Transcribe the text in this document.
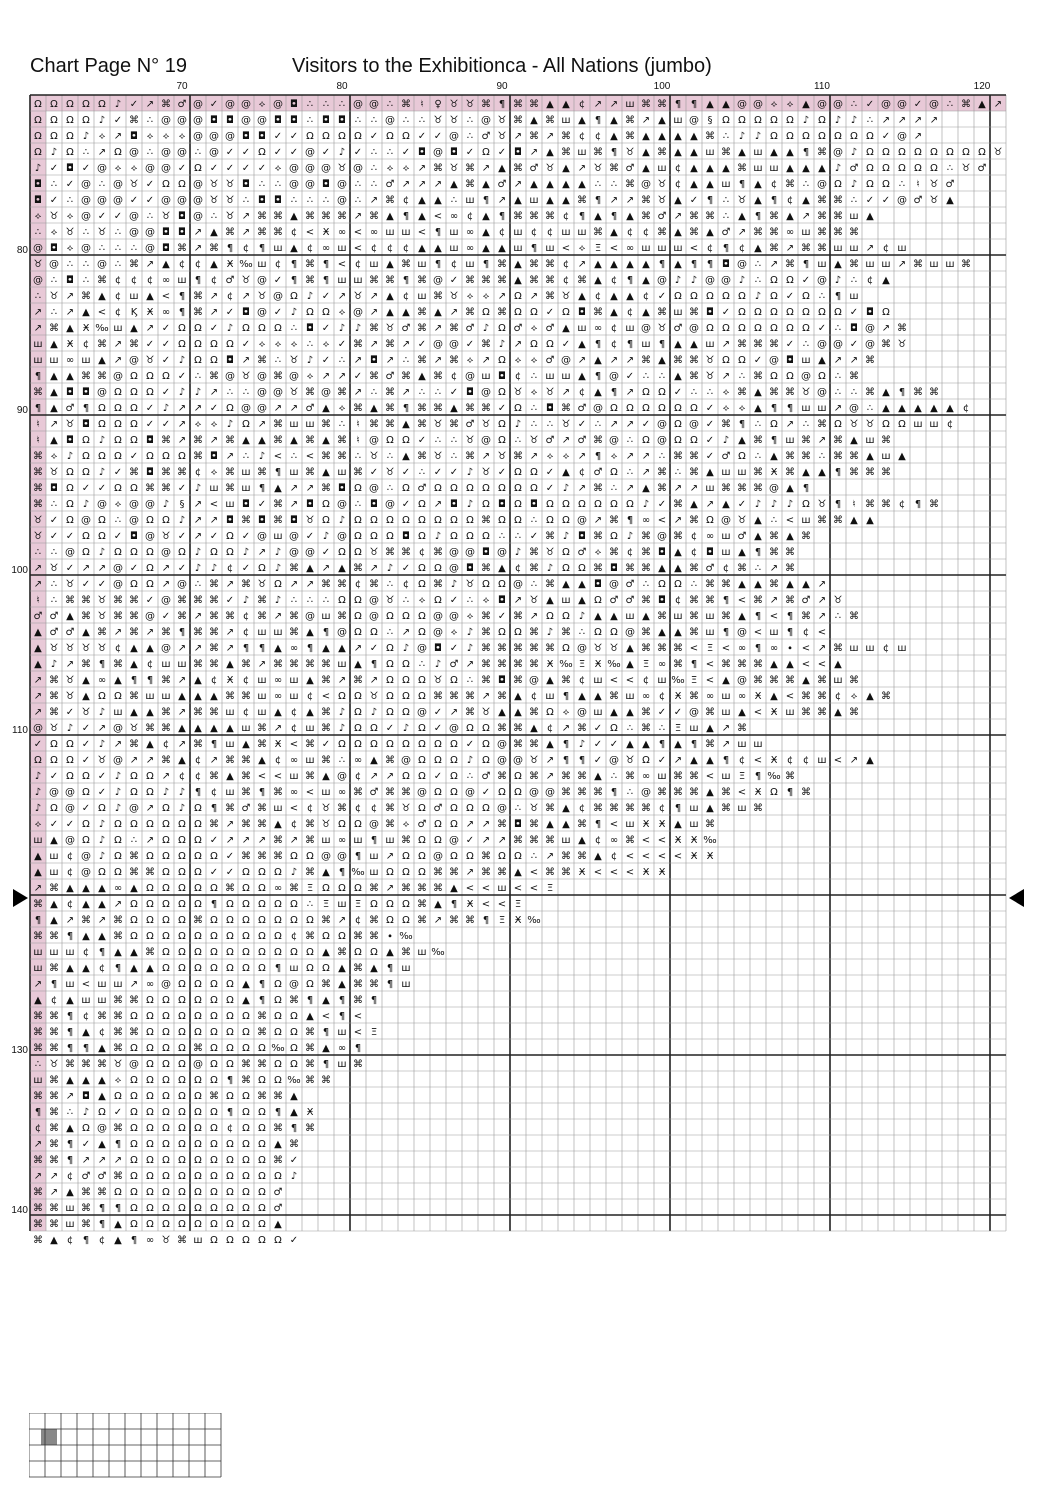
Chart Page N° 19	Visitors to the Exhibitionca - All Nations (jumbo)
70	80	90	100	110	120
80
90
100
110
130
140
Ω Ω Ω Ω Ω ♪ ✓ ↗ ⌘ ♂ @ ✓ @ @ ⟡ @ ◘ ∴ ∴ ∴ @ @ ∴ ⌘ ♮ ♀ ♉ ♉ ⌘ ¶ ⌘ ⌘ ▲ ▲ ¢ ↗ ↗ ш ⌘ ⌘ ¶ ¶ ▲ ▲ @ @ ⟡ ⟡ ▲ @ @ ∴ ✓ @ @ ✓ @ ∴ ⌘ ▲ ↗
Ω Ω Ω Ω ♪ ✓ ⌘ ∴ @ @ @ ◘ ◘ @ @ ◘ ◘ ∴ ◘ ◘ ∴ ∴ @ ∴ ∴ ♉ ♉ ∴ @ ♉ ⌘ ▲ ⌘ ш ▲ ¶ ▲ ⌘ ↗ ▲ ш @ § Ω Ω Ω Ω Ω ♪ Ω ♪ ♪ ∴ ↗ ↗ ↗ ↗
Ω Ω Ω ♪ ⟡ ↗ ◘ ⟡ ⟡ ⟡ @ @ @ ◘ ◘ ✓ ✓ Ω Ω Ω Ω ✓ Ω Ω ✓ ✓ @ ∴ ♂ ♉ ↗ ⌘ ↗ ⌘ ¢ ¢ ▲ ⌘ ▲ ▲ ▲ ▲ ⌘ ∴ ♪ ♪ Ω Ω Ω Ω Ω Ω Ω ✓ @ ↗
Ω ♪ Ω ∴ ↗ Ω @ ∴ @ @ ∴ @ ✓ ✓ Ω ✓ ✓ @ ✓ ♪ ✓ ∴ ∴ ✓ ◘ @ ◘ ✓ Ω ✓ ◘ ↗ ▲ ⌘ ш ⌘ ¶ ♉ ▲ ⌘ ▲ ▲ ш ⌘ ▲ ш ▲ ▲ ¶ ⌘ @ ♪ Ω Ω Ω Ω Ω Ω Ω Ω ♉
♪ ✓ ◘ ✓ @ ⟡ ⟡ @ @ ✓ Ω ✓ ✓ ✓ ✓ ⟡ @ @ @ ♉ @ ∴ ⟡ ⟡ ↗ ⌘ ♉ ⌘ ↗ ▲ ⌘ ♂ ♉ ▲ ↗ ♉ ⌘ ♂ ▲ ш ¢ ▲ ▲ ▲ ⌘ ш ш ▲ ▲ ▲ ♪ ♂ Ω Ω Ω Ω Ω ∴ ♉ ♂
◘ ∴ ✓ @ ∴ @ ♉ ✓ Ω Ω @ ♉ ♉ ◘ ∴ ∴ @ @ ◘ @ ∴ ∴ ♂ ↗ ↗ ↗ ▲ ⌘ ▲ ♂ ↗ ▲ ▲ ▲ ▲ ∴ ∴ ⌘ @ ♉ ¢ ▲ ▲ ш ¶ ▲ ¢ ⌘ ∴ @ Ω ♪ Ω Ω ∴ ♮ ♉ ♂
◘ ✓ ∴ @ @ @ ✓ ✓ @ @ @ ♉ ♉ ∴ ◘ ◘ ∴ ∴ ∴ @ ∴ ↗ ⌘ ¢ ▲ ▲ ∴ ш ¶ ↗ ▲ ш ▲ ▲ ⌘ ¶ ↗ ↗ ⌘ ♉ ▲ ✓ ¶ ∴ ♉ ▲ ¶ ¢ ▲ ⌘ ⌘ ∴ ✓ ✓ @ ♂ ♉ ▲
⟡ ♉ ⟡ @ ✓ ✓ @ ∴ ♉ ◘ @ ∴ ♉ ↗ ⌘ ⌘ ▲ ⌘ ⌘ ⌘ ↗ ⌘ ▲ ¶ ▲ < ∞ ¢ ▲ ¶ ⌘ ⌘ ⌘ ¢ ¶ ▲ ¶ ▲ ⌘ ♂ ↗ ⌘ ⌘ ∴ ▲ ¶ ⌘ ▲ ↗ ⌘ ⌘ ш ▲
∴ ⟡ ♉ ∴ ♉ ∴ @ @ ◘ ◘ ↗ ▲ ⌘ ↗ ⌘ ⌘ ¢ < Ӿ ∞ < ∞ ш ш < ¶ ш ∞ ▲ ¢ ш ¢ ¢ ш ш ⌘ ▲ ¢ ¢ ⌘ ▲ ⌘ ▲ ♂ ↗ ⌘ ⌘ ∞ ш ⌘ ⌘ ⌘
@ ◘ ⟡ @ ∴ ∴ ∴ @ ◘ ⌘ ↗ ⌘ ¶ ¢ ¶ ш ▲ ¢ ∞ ш < ¢ ¢ ¢ ▲ ▲ ш ∞ ▲ ▲ ш ¶ ш < ⟡ Ξ < ∞ ш ш ш < ¢ ¶ ¢ ▲ ⌘ ↗ ⌘ ⌘ ш ш ↗ ¢ ш
♉ @ ∴ ∴ @ ∴ ⌘ ↗ ▲ ¢ ¢ ▲ Ӿ ‰ ш ¢ ¶ ⌘ ¶ < ¢ ш ▲ ⌘ ш ¶ ¢ ш ¶ ⌘ ▲ ⌘ ⌘ ¢ ↗ ▲ ▲ ▲ ▲ ¶ ▲ ¶ ¶ ◘ @ ∴ ↗ ⌘ ¶ ш ▲ ⌘ ш ш ↗ ⌘ ш ш ⌘
@ ∴ ◘ ∴ ⌘ ¢ ¢ ¢ ∞ ш ¶ ¢ ♂ ♉ @ ✓ ¶ ⌘ ¶ ш ш ⌘ ⌘ ¶ ⌘ @ ✓ ⌘ ⌘ ⌘ ▲ ⌘ ⌘ ¢ ⌘ ▲ ¢ ¶ ▲ @ ♪ ♪ @ @ ♪ ∴ Ω Ω ✓ @ ♪ ∴ ¢ ▲
∴ ♉ ↗ ⌘ ▲ ¢ ш ▲ < ¶ ⌘ ↗ ¢ ↗ ♉ @ Ω ♪ ✓ ↗ ♉ ↗ ▲ ¢ ш ⌘ ♉ ⟡ ⟡ ↗ Ω ↗ ⌘ ♉ ▲ ¢ ▲ ▲ ¢ ✓ Ω Ω Ω Ω Ω ♪ Ω ✓ Ω ∴ ¶ ш
↗ ∴ ↗ ▲ < ¢ Ϗ Ӿ ∞ ¶ ⌘ ↗ ✓ ◘ @ ✓ ♪ Ω Ω ⟡ @ ↗ ▲ ▲ ⌘ ▲ ↗ ⌘ Ω ⌘ Ω Ω ✓ Ω ◘ ⌘ ▲ ¢ ▲ ⌘ ш ⌘ ◘ ✓ Ω Ω Ω Ω Ω Ω Ω ✓ ◘ Ω
↗ ⌘ ▲ Ӿ ‰ ш ▲ ↗ ✓ Ω Ω ✓ ♪ Ω Ω Ω ∴ ◘ ✓ ♪ ♪ ⌘ ♉ ♂ ⌘ ↗ ⌘ ♂ ♪ Ω ♂ ⟡ ♂ ▲ ш ∞ ¢ ш @ ♉ ♂ @ Ω Ω Ω Ω Ω Ω Ω ✓ ∴ ◘ @ ↗ ⌘
ш ▲ Ӿ ¢ ⌘ ↗ ⌘ ✓ ✓ Ω Ω Ω Ω ✓ ⟡ ⟡ ⟡ ∴ ⟡ ✓ ⌘ ↗ ⌘ ↗ ✓ @ @ ✓ ⌘ ♪ ↗ Ω Ω ✓ ▲ ¶ ¢ ¶ ш ¶ ▲ ▲ ш ↗ ⌘ ⌘ ⌘ ✓ ∴ @ @ ✓ @ ⌘ ♉
ш ш ∞ ш ▲ ↗ @ ♉ ✓ ♪ Ω Ω ◘ ↗ ⌘ ∴ ♉ ♪ ✓ ∴ ↗ ◘ ↗ ∴ ⌘ ↗ ⌘ ⟡ ↗ Ω ⟡ ⟡ ♂ @ ↗ ▲ ↗ ↗ ⌘ ▲ ⌘ ⌘ ♉ Ω Ω ✓ @ ◘ ш ▲ ↗ ↗ ⌘
¶ ▲ ▲ ⌘ ⌘ @ Ω Ω Ω ✓ ∴ ⌘ @ ♉ @ ⌘ @ ⟡ ↗ ↗ ✓ ⌘ ♂ ⌘ ▲ ⌘ ¢ @ ш ◘ ¢ ∴ ш ш ▲ ¶ @ ✓ ∴ ∴ ▲ ⌘ ♉ ↗ ∴ ⌘ Ω Ω @ Ω ∴ ⌘
⌘ ▲ ◘ ◘ @ Ω Ω Ω ✓ ♪ ♪ ↗ ∴ ∴ @ @ ♉ ⌘ @ ⌘ ↗ ∴ ⌘ ↗ ∴ ∴ ✓ ◘ @ Ω ♉ ⟡ ♉ ↗ ¢ ▲ ¶ ↗ Ω Ω ✓ ∴ ∴ ⟡ ⌘ ▲ ⌘ ⌘ ♉ @ ∴ ∴ ⌘ ▲ ¶ ⌘ ⌘
¶ ▲ ♂ ¶ Ω Ω Ω ✓ ♪ ↗ ↗ ✓ Ω @ @ ↗ ↗ ♂ ▲ ⟡ ⌘ ▲ ⌘ ¶ ⌘ ⌘ ▲ ⌘ ⌘ ✓ Ω ∴ ◘ ⌘ ♂ @ Ω Ω Ω Ω Ω Ω ✓ ⟡ ⟡ ▲ ¶ ¶ ш ш ↗ @ ∴ ▲ ▲ ▲ ▲ ▲ ¢
♮ ↗ ♉ ◘ Ω Ω Ω ✓ ✓ ↗ ⟡ ⟡ ♪ Ω ↗ ⌘ ш ш ⌘ ∴ ♮ ⌘ ⌘ ▲ ⌘ ♉ ⌘ ♂ ♉ Ω ♪ ∴ ∴ ♉ ✓ ∴ ↗ ↗ ✓ @ Ω @ ✓ ⌘ ¶ ∴ Ω ↗ ∴ ⌘ Ω ♉ ♉ Ω Ω ш ш ¢
♮ ▲ ◘ Ω ♪ Ω Ω ◘ ⌘ ↗ ⌘ ↗ ⌘ ▲ ▲ ⌘ ▲ ⌘ ▲ ⌘ ♮ @ Ω Ω ✓ ∴ ∴ ♉ @ Ω ∴ ♉ ♂ ↗ ♂ ⌘ @ ∴ Ω @ Ω Ω ✓ ♪ ▲ ⌘ ¶ ш ⌘ ↗ ⌘ ▲ ш ⌘
⌘ ⟡ ♪ Ω Ω Ω ✓ Ω Ω Ω ⌘ ◘ ↗ ∴ ♪ < ∴ < ⌘ ⌘ ∴ ♉ ∴ ▲ ⌘ ♉ ∴ ⌘ ↗ ♉ ⌘ ↗ ⟡ ⟡ ↗ ¶ ⟡ ↗ ↗ ∴ ⌘ ⌘ ✓ ♂ Ω ∴ ▲ ⌘ ⌘ ∴ ⌘ ⌘ ▲ ш ▲
⌘ ♉ Ω Ω ♪ ✓ ⌘ ◘ ⌘ ⌘ ¢ ⟡ ⌘ ш ⌘ ¶ ш ⌘ ▲ ш ⌘ ✓ ♉ ✓ ∴ ✓ ✓ ♪ ♉ ✓ Ω Ω ✓ ▲ ¢ ♂ Ω ∴ ↗ ⌘ ∴ ⌘ ▲ ш ш ⌘ Ӿ ⌘ ▲ ▲ ¶ ⌘ ⌘ ⌘
⌘ ◘ Ω ✓ ✓ Ω Ω ⌘ ⌘ ✓ ♪ ш ⌘ ш ¶ ▲ ↗ ↗ ⌘ ◘ Ω @ ∴ Ω ♂ Ω Ω Ω Ω Ω Ω Ω ✓ ♪ ↗ ⌘ ∴ ↗ ▲ ⌘ ↗ ↗ ш ⌘ ⌘ ⌘ @ ▲ ¶
⌘ ∴ Ω ♪ @ ⟡ @ @ ♪ § ↗ < ш ◘ ✓ ⌘ ↗ ◘ Ω @ ∴ ◘ @ ✓ Ω ↗ ◘ ♪ Ω ◘ Ω ◘ Ω Ω Ω Ω Ω Ω ♪ ✓ ⌘ ▲ ↗ ▲ ✓ ♪ ♪ ♪ Ω ♉ ¶ ♮ ⌘ ⌘ ¢ ¶ ⌘
♉ ✓ Ω @ Ω ∴ @ Ω Ω ♪ ↗ ↗ ◘ ⌘ ◘ ⌘ ◘ ♉ Ω ♪ Ω Ω Ω Ω Ω Ω Ω Ω ⌘ Ω Ω ∴ Ω Ω @ ↗ ⌘ ¶ ∞ < ↗ ⌘ Ω @ ♉ ▲ ∴ < ш ⌘ ⌘ ▲ ▲
♉ ✓ ✓ Ω Ω ✓ ◘ @ ♉ ✓ ↗ ✓ Ω ✓ @ ш @ ✓ ♪ @ Ω Ω Ω ◘ Ω ♪ Ω Ω Ω ∴ ∴ ✓ ⌘ ♪ ◘ ⌘ Ω ♪ ⌘ @ ⌘ ¢ ∞ ш ♂ ▲ ⌘ ▲ ⌘
∴ ∴ @ Ω ♪ Ω Ω Ω @ Ω ♪ Ω Ω ♪ ↗ ♪ @ @ ✓ Ω Ω ♉ ⌘ ⌘ ¢ ⌘ @ @ ◘ @ ♪ ⌘ ♉ Ω ♂ ⟡ ⌘ ¢ ⌘ ◘ ▲ ¢ ◘ ш ▲ ¶ ⌘ ⌘
↗ ♉ ✓ ↗ ↗ @ ✓ Ω ↗ ✓ ♪ ♪ ¢ ✓ Ω ♪ ⌘ ▲ ↗ ▲ ⌘ ↗ ♪ ✓ Ω Ω @ ◘ ⌘ ▲ ¢ ⌘ ♪ Ω Ω ⌘ ◘ ⌘ ⌘ ▲ ▲ ⌘ ♂ ¢ ⌘ ∴ ↗ ⌘
↗ ∴ ♉ ✓ ✓ @ Ω Ω ↗ @ ∴ ⌘ ↗ ⌘ ♉ Ω ↗ ↗ ⌘ ⌘ ¢ ⌘ ∴ ¢ Ω ⌘ ♪ ♉ Ω Ω @ ∴ ⌘ ▲ ▲ ◘ @ ♂ ∴ Ω Ω ∴ ⌘ ⌘ ▲ ▲ ⌘ ▲ ▲ ↗
♮ ∴ ⌘ ⌘ ♉ ⌘ ⌘ ✓ @ ⌘ ⌘ ⌘ ✓ ♪ ⌘ ♪ ∴ ∴ ∴ Ω Ω @ ♉ ∴ ⟡ Ω ✓ ∴ ⟡ ◘ ↗ ♉ ▲ ш ▲ Ω ♂ ♂ ⌘ ◘ ¢ ⌘ ⌘ ¶ < ⌘ ↗ ⌘ ♂ ↗ ♉
♂ ♂ ▲ ⌘ ♉ ⌘ ⌘ @ ✓ ⌘ ↗ ⌘ ⌘ ¢ ⌘ ↗ ⌘ @ ш ⌘ Ω @ Ω Ω Ω @ @ ⟡ ⌘ ✓ ⌘ ↗ Ω Ω ♪ ▲ ▲ ш ▲ ⌘ ш ⌘ ш ⌘ ▲ ¶ < ¶ ⌘ ↗ ∴ ⌘
▲ ♂ ♂ ▲ ⌘ ↗ ⌘ ↗ ⌘ ¶ ⌘ ⌘ ↗ ¢ ш ш ⌘ ▲ ¶ @ Ω Ω ∴ ↗ Ω @ ⟡ ♪ ⌘ Ω Ω ⌘ ♪ ⌘ ∴ Ω Ω @ ⌘ ▲ ▲ ⌘ ш ¶ @ < ш ¶ ¢ <
▲ ♉ ♉ ♉ ♉ ¢ ▲ ▲ @ ↗ ↗ ⌘ ↗ ¶ ¶ ▲ ∞ ¶ ▲ ▲ ↗ ✓ Ω ♪ @ ◘ ✓ ♪ ⌘ ⌘ ⌘ ⌘ ⌘ Ω @ ♉ ♉ ▲ ⌘ ⌘ ⌘ < Ξ < ∞ ¶ ∞ ∙ < ↗ ⌘ ш ш ¢ ш
▲ ♪ ↗ ⌘ ¶ ⌘ ▲ ¢ ш ш ⌘ ⌘ ▲ ⌘ ↗ ⌘ ⌘ ⌘ ⌘ ш ▲ ¶ Ω Ω ∴ ♪ ♂ ↗ ⌘ ⌘ ⌘ ⌘ Ӿ ‰ Ξ Ӿ ‰ ▲ Ξ ∞ ⌘ ¶ < ⌘ ⌘ ⌘ ▲ ▲ < < ▲
↗ ⌘ ♉ ▲ ∞ ▲ ¶ ¶ ⌘ ↗ ▲ ¢ Ӿ ¢ ш ∞ ш ▲ ⌘ ↗ ⌘ ↗ Ω Ω Ω ♉ Ω ∴ ⌘ ◘ ⌘ @ ▲ ⌘ ¢ ш < < ¢ ш ‰ Ξ < ▲ @ ⌘ ⌘ ⌘ ▲ ⌘ ш ⌘
↗ ⌘ ♉ ▲ Ω Ω ⌘ ш ш ▲ ▲ ▲ ⌘ ⌘ ш ∞ ш ¢ < Ω Ω ♉ Ω Ω Ω ⌘ ⌘ ⌘ ↗ ⌘ ▲ ¢ ш ¶ ▲ ▲ ⌘ ш ∞ ¢ Ӿ ⌘ ∞ ш ∞ Ӿ ▲ < ⌘ ⌘ ¢ ⟡ ▲ ⌘
↗ ⌘ ✓ ♉ ♪ ш ▲ ▲ ⌘ ↗ ⌘ ⌘ ш ¢ ш ▲ ¢ ▲ ⌘ ♪ Ω ♪ Ω Ω @ ✓ ↗ ⌘ ♉ ▲ ▲ ⌘ Ω ⟡ @ ш ▲ ▲ ⌘ ✓ ✓ @ ⌘ ш ▲ < Ӿ ш ⌘ ⌘ ▲ ⌘
@ ♉ ♪ ✓ ↗ @ ♉ ⌘ ⌘ ▲ ▲ ▲ ▲ ш ⌘ ↗ ¢ ш ⌘ ♪ Ω Ω ✓ ♪ Ω ✓ @ Ω Ω ⌘ ⌘ ▲ ¢ ↗ ⌘ ✓ Ω ∴ ⌘ ∴ Ξ ш ▲ ↗ ⌘
✓ Ω Ω ✓ ♪ ↗ ⌘ ▲ ¢ ↗ ⌘ ¶ ш ▲ ⌘ Ӿ < ⌘ ✓ Ω Ω Ω Ω Ω Ω Ω Ω ✓ Ω @ ⌘ ⌘ ▲ ¶ ♪ ✓ ✓ ▲ ▲ ¶ ▲ ¶ ⌘ ↗ ш ш
Ω Ω Ω ✓ ♉ @ ↗ ↗ ⌘ ▲ ¢ ↗ ⌘ ⌘ ▲ ¢ ∞ ш ⌘ ∴ ∞ ▲ ⌘ @ Ω Ω Ω ♪ Ω @ @ ♉ ↗ ¶ ¶ ✓ @ ♉ Ω ✓ ↗ ▲ ▲ ¶ ¢ < Ӿ ¢ ¢ ш < ↗ ▲
♪ ✓ Ω Ω ✓ ♪ Ω Ω ↗ ¢ ¢ ⌘ ▲ ⌘ < < ш ⌘ ▲ @ ¢ ↗ ↗ Ω Ω ✓ Ω ∴ ♂ ⌘ Ω ⌘ ↗ ⌘ ⌘ ▲ ∴ ⌘ ∞ ш ⌘ ⌘ < ш Ξ ¶ ‰ ⌘
♪ @ @ Ω ✓ ♪ Ω Ω ♪ ♪ ¶ ¢ ш ⌘ ¶ ⌘ ∞ < ш ∞ ⌘ ♂ ⌘ ⌘ @ Ω Ω @ ✓ Ω Ω @ @ ⌘ ⌘ ⌘ ¶ ∴ @ ⌘ ⌘ ⌘ ▲ ⌘ < Ӿ Ω ¶ ⌘
♪ Ω @ ✓ Ω ♪ @ ↗ Ω ♪ Ω ¶ ⌘ ♂ ⌘ ш < ¢ ♉ ⌘ ¢ ¢ ⌘ ♉ Ω ♂ Ω Ω Ω @ ∴ ♉ ⌘ ▲ ¢ ⌘ ⌘ ⌘ ⌘ ¢ ¶ ш ▲ ⌘ ш ⌘
⟡ ✓ ✓ Ω ♪ Ω Ω Ω Ω Ω Ω ⌘ ↗ ⌘ ⌘ ▲ ¢ ⌘ ♉ Ω Ω @ ⌘ ⟡ ♂ Ω Ω ↗ ↗ ⌘ ◘ ⌘ ▲ ▲ ⌘ ¶ < ш Ӿ Ӿ ▲ ш ⌘
ш ▲ @ Ω ♪ Ω ∴ ↗ Ω Ω Ω ✓ ↗ ↗ ↗ ⌘ ↗ ⌘ ш ∞ ш ¶ ш ⌘ Ω Ω @ ✓ ↗ ↗ ⌘ ⌘ ⌘ ш ▲ ¢ ∞ ⌘ < < Ӿ Ӿ ‰
▲ ш ¢ @ ♪ Ω ⌘ Ω Ω Ω Ω Ω ✓ ⌘ ⌘ ⌘ Ω Ω @ @ ¶ ш ↗ Ω Ω @ Ω Ω ⌘ Ω Ω ∴ ↗ ⌘ ⌘ ▲ ¢ < < < < Ӿ Ӿ
▲ ш ¢ @ Ω Ω ⌘ ⌘ Ω Ω Ω ✓ ✓ Ω Ω Ω ♪ ⌘ ▲ ¶ ‰ ш Ω Ω Ω ⌘ ⌘ ↗ ⌘ ⌘ ▲ < ⌘ ⌘ Ӿ < < < Ӿ Ӿ
↗ ⌘ ▲ ▲ ▲ ∞ ▲ Ω Ω Ω Ω Ω ⌘ Ω Ω ∞ ⌘ Ξ Ω Ω Ω ⌘ ↗ ⌘ ⌘ ⌘ ▲ < < ш < < Ξ
⌘ ▲ ¢ ▲ ▲ ↗ Ω Ω Ω Ω Ω ¶ Ω Ω Ω Ω Ω ∴ Ξ ш Ξ Ω Ω Ω ⌘ ▲ ¶ Ӿ < < Ξ
¶ ▲ ↗ ⌘ ↗ ⌘ Ω Ω Ω Ω ⌘ Ω Ω Ω Ω Ω Ω Ω ⌘ ↗ ¢ ⌘ Ω Ω ⌘ ↗ ⌘ ⌘ ¶ Ξ Ӿ ‰
⌘ ⌘ ¶ ▲ ▲ ⌘ Ω Ω Ω Ω Ω Ω Ω Ω Ω Ω ¢ ⌘ Ω Ω ⌘ ⌘ ∙ ‰
ш ш ш ¢ ¶ ▲ ▲ ⌘ Ω Ω Ω Ω Ω Ω Ω Ω Ω Ω ▲ ⌘ Ω Ω ▲ ⌘ ш ‰
ш ⌘ ▲ ▲ ¢ ¶ ▲ ▲ Ω Ω Ω Ω Ω Ω Ω ¶ ш Ω Ω ▲ ⌘ ▲ ¶ ш
↗ ¶ ш < ш ш ↗ ∞ @ Ω Ω Ω Ω ▲ ¶ Ω @ Ω ⌘ ▲ ⌘ ⌘ ¶ ш
▲ ¢ ▲ ш ш ⌘ ⌘ Ω Ω Ω Ω Ω Ω ▲ ¶ Ω ⌘ ¶ ▲ ¶ ⌘ ¶
⌘ ⌘ ¶ ¢ ⌘ ⌘ Ω Ω Ω Ω Ω Ω Ω Ω ⌘ Ω Ω ▲ < ¶ <
⌘ ⌘ ¶ ▲ ¢ ⌘ ⌘ Ω Ω Ω Ω Ω Ω Ω ⌘ Ω Ω ⌘ ¶ ш < Ξ
⌘ ⌘ ¶ ¶ ▲ ⌘ Ω Ω Ω Ω ⌘ Ω Ω Ω Ω ‰ Ω ⌘ ▲ ∞ ¶
∴ ♉ ⌘ ⌘ ⌘ ♉ @ Ω Ω Ω @ Ω Ω ⌘ ⌘ Ω Ω ⌘ ¶ ш ⌘
ш ⌘ ▲ ▲ ▲ ⟡ Ω Ω Ω Ω Ω Ω ¶ ⌘ Ω Ω ‰ ⌘ ⌘
⌘ ⌘ ↗ ◘ ▲ Ω Ω Ω Ω Ω Ω ⌘ Ω Ω ⌘ ⌘ ▲
¶ ⌘ ∴ ♪ Ω ✓ Ω Ω Ω Ω Ω Ω ¶ Ω Ω ¶ ▲ Ӿ
¢ ⌘ ▲ Ω @ ⌘ Ω Ω Ω Ω Ω Ω ¢ Ω Ω ⌘ ¶ ⌘
↗ ⌘ ¶ ✓ ▲ ¶ Ω Ω Ω Ω Ω Ω Ω Ω Ω ▲ ⌘
⌘ ⌘ ¶ ↗ ↗ ↗ Ω Ω Ω Ω Ω Ω Ω Ω Ω ⌘ ✓
↗ ↗ ¢ ♂ ♂ ⌘ Ω Ω Ω Ω Ω Ω Ω Ω Ω Ω ♪
⌘ ↗ ▲ ⌘ ⌘ Ω Ω Ω Ω Ω Ω Ω Ω Ω Ω ♂
⌘ ⌘ ш ⌘ ¶ ¶ Ω Ω Ω Ω Ω Ω Ω Ω Ω ♂
⌘ ⌘ ш ⌘ ¶ ▲ Ω Ω Ω Ω Ω Ω Ω Ω Ω ▲
⌘ ▲ ¢ ¶ ¢ ▲ ¶ ∞ ♉ ⌘ ш Ω Ω Ω Ω Ω ✓
